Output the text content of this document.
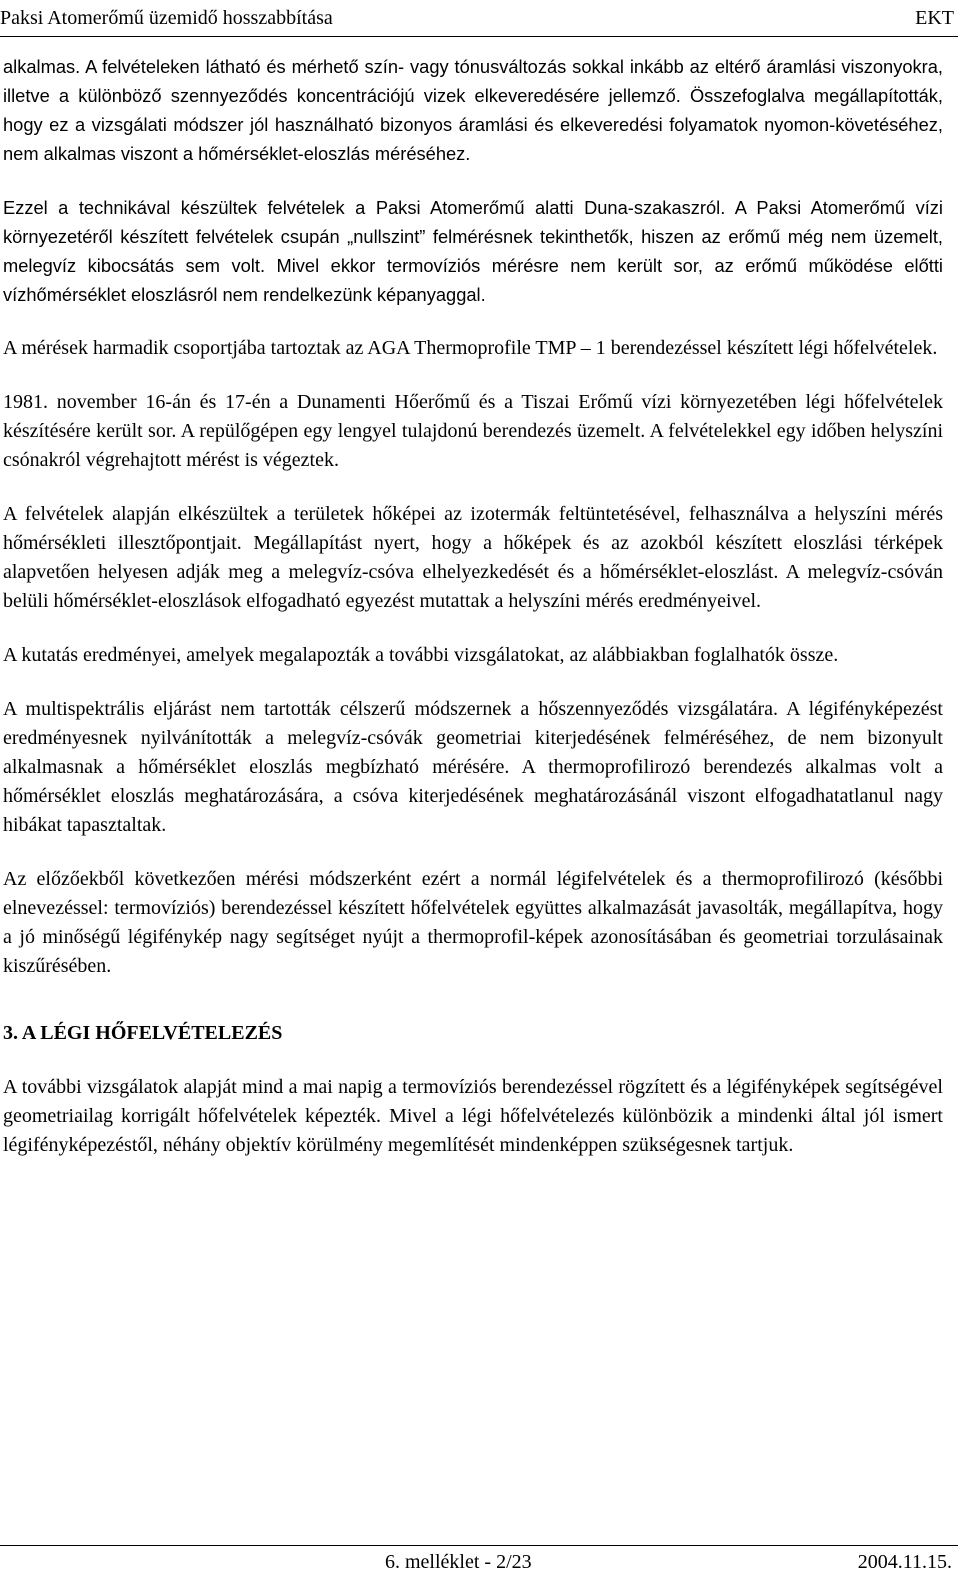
Paksi Atomerőmű üzemidő hosszabbítása	EKT

alkalmas. A felvételeken látható és mérhető szín- vagy tónusváltozás sokkal inkább az eltérő áramlási viszonyokra, illetve a különböző szennyeződés koncentrációjú vizek elkeveredésére jellemző. Összefoglalva megállapították, hogy ez a vizsgálati módszer jól használható bizonyos áramlási és elkeveredési folyamatok nyomon-követéséhez, nem alkalmas viszont a hőmérséklet-eloszlás méréséhez.

Ezzel a technikával készültek felvételek a Paksi Atomerőmű alatti Duna-szakaszról. A Paksi Atomerőmű vízi környezetéről készített felvételek csupán „nullszint” felmérésnek tekinthetők, hiszen az erőmű még nem üzemelt, melegvíz kibocsátás sem volt. Mivel ekkor termovíziós mérésre nem került sor, az erőmű működése előtti vízhőmérséklet eloszlásról nem rendelkezünk képanyaggal.

A mérések harmadik csoportjába tartoztak az AGA Thermoprofile TMP – 1 berendezéssel készített légi hőfelvételek.

1981. november 16-án és 17-én a Dunamenti Hőerőmű és a Tiszai Erőmű vízi környezetében légi hőfelvételek készítésére került sor. A repülőgépen egy lengyel tulajdonú berendezés üzemelt. A felvételekkel egy időben helyszíni csónakról végrehajtott mérést is végeztek.

A felvételek alapján elkészültek a területek hőképei az izotermák feltüntetésével, felhasználva a helyszíni mérés hőmérsékleti illesztőpontjait. Megállapítást nyert, hogy a hőképek és az azokból készített eloszlási térképek alapvetően helyesen adják meg a melegvíz-csóva elhelyezkedését és a hőmérséklet-eloszlást. A melegvíz-csóván belüli hőmérséklet-eloszlások elfogadható egyezést mutattak a helyszíni mérés eredményeivel.

A kutatás eredményei, amelyek megalapozták a további vizsgálatokat, az alábbiakban foglalhatók össze.

A multispektrális eljárást nem tartották célszerű módszernek a hőszennyeződés vizsgálatára. A légifényképezést eredményesnek nyilvánították a melegvíz-csóvák geometriai kiterjedésének felméréséhez, de nem bizonyult alkalmasnak a hőmérséklet eloszlás megbízható mérésére. A thermoprofilirozó berendezés alkalmas volt a hőmérséklet eloszlás meghatározására, a csóva kiterjedésének meghatározásánál viszont elfogadhatatlanul nagy hibákat tapasztaltak.

Az előzőekből következően mérési módszerként ezért a normál légifelvételek és a thermoprofilirozó (későbbi elnevezéssel: termovíziós) berendezéssel készített hőfelvételek együttes alkalmazását javasolták, megállapítva, hogy a jó minőségű légifénykép nagy segítséget nyújt a thermoprofil-képek azonosításában és geometriai torzulásainak kiszűrésében.

3. A LÉGI HŐFELVÉTELEZÉS

A további vizsgálatok alapját mind a mai napig a termovíziós berendezéssel rögzített és a légifényképek segítségével geometriailag korrigált hőfelvételek képezték. Mivel a légi hőfelvételezés különbözik a mindenki által jól ismert légifényképezéstől, néhány objektív körülmény megemlítését mindenképpen szükségesnek tartjuk.

6. melléklet - 2/23	2004.11.15.
